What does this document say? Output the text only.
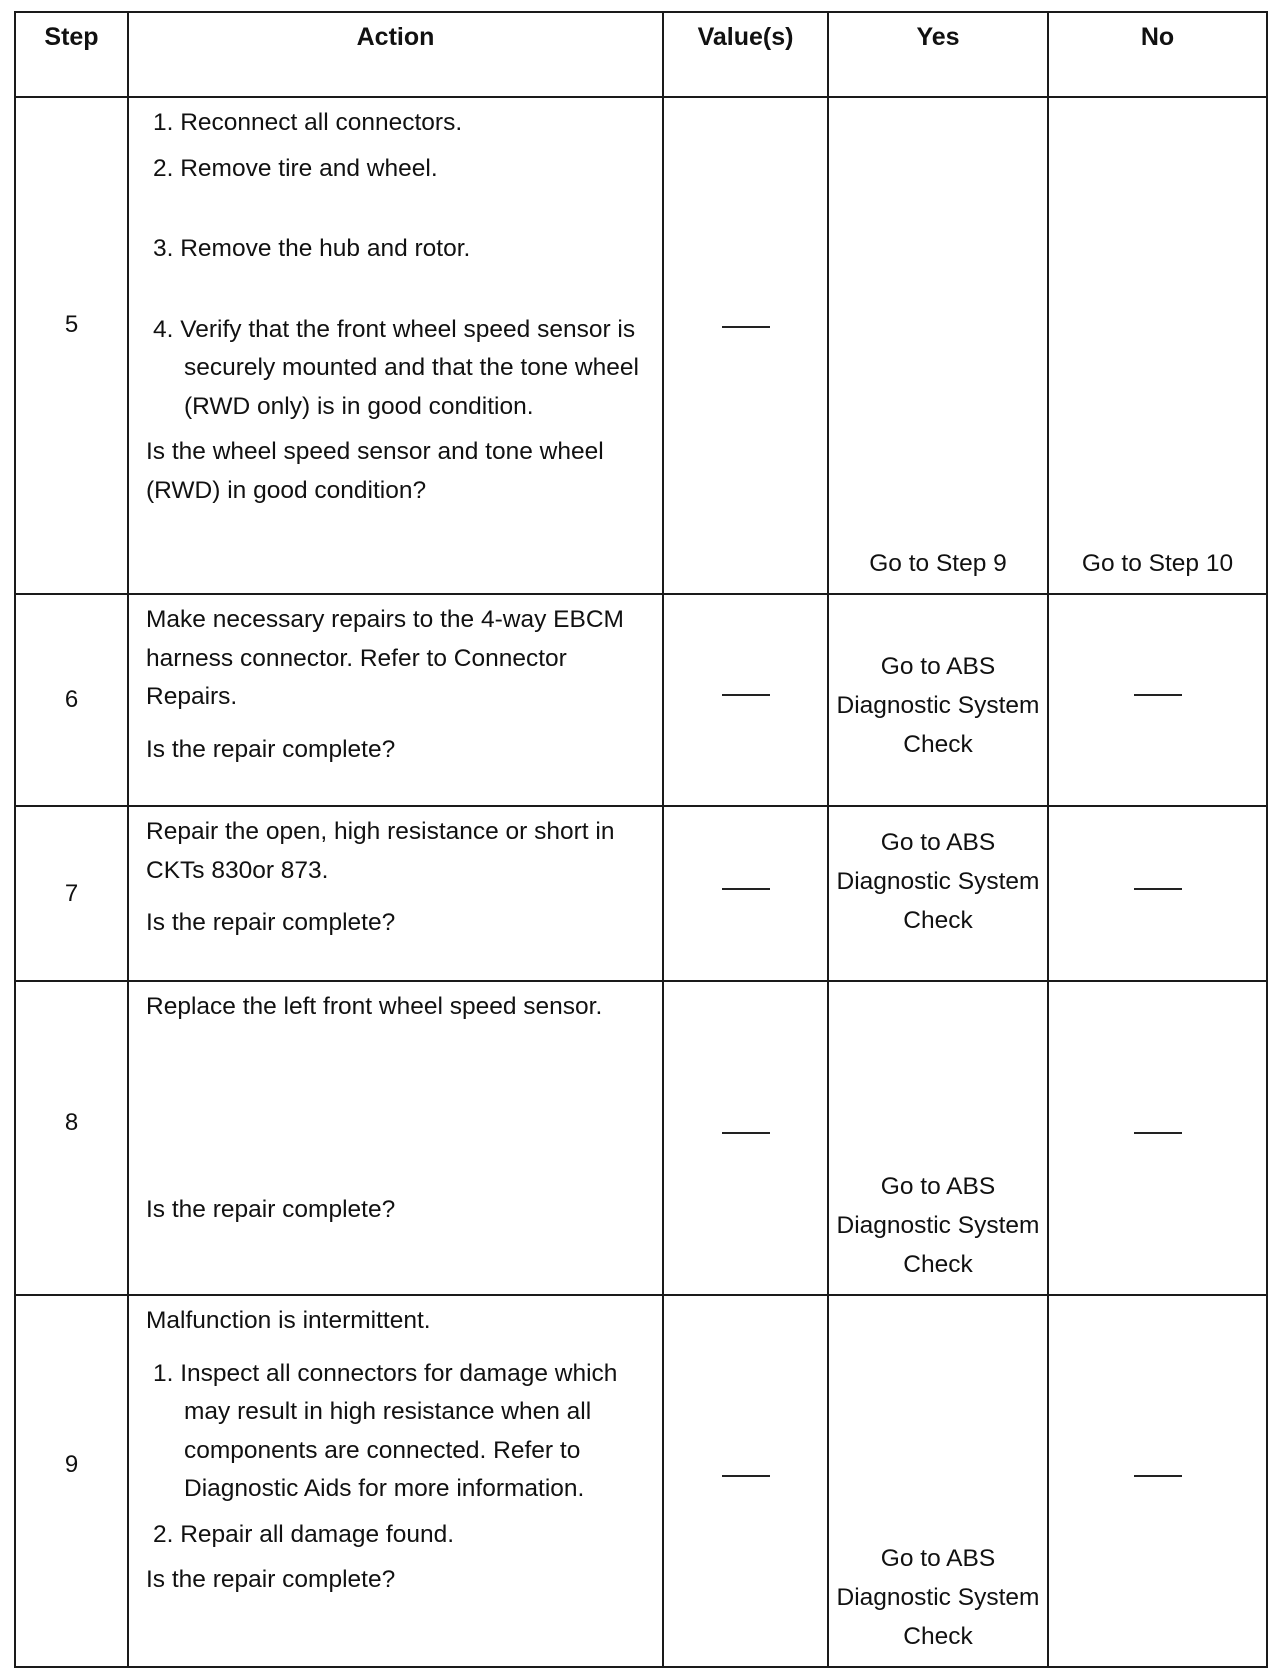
Step	Action	Value(s)	Yes	No
5	1. Reconnect all connectors.

2. Remove tire and wheel.

3. Remove the hub and rotor.

4. Verify that the front wheel speed sensor is securely mounted and that the tone wheel (RWD only) is in good condition.

Is the wheel speed sensor and tone wheel (RWD) in good condition?		Go to Step 9	Go to Step 10
6	Make necessary repairs to the 4-way EBCM harness connector. Refer to Connector Repairs.

Is the repair complete?		Go to ABS Diagnostic System Check	
7	Repair the open, high resistance or short in CKTs 830or 873.

Is the repair complete?		Go to ABS Diagnostic System Check	
8	Replace the left front wheel speed sensor.

Is the repair complete?		Go to ABS Diagnostic System Check	
9	Malfunction is intermittent.

1. Inspect all connectors for damage which may result in high resistance when all components are connected. Refer to Diagnostic Aids for more information.

2. Repair all damage found.

Is the repair complete?		Go to ABS Diagnostic System Check	
